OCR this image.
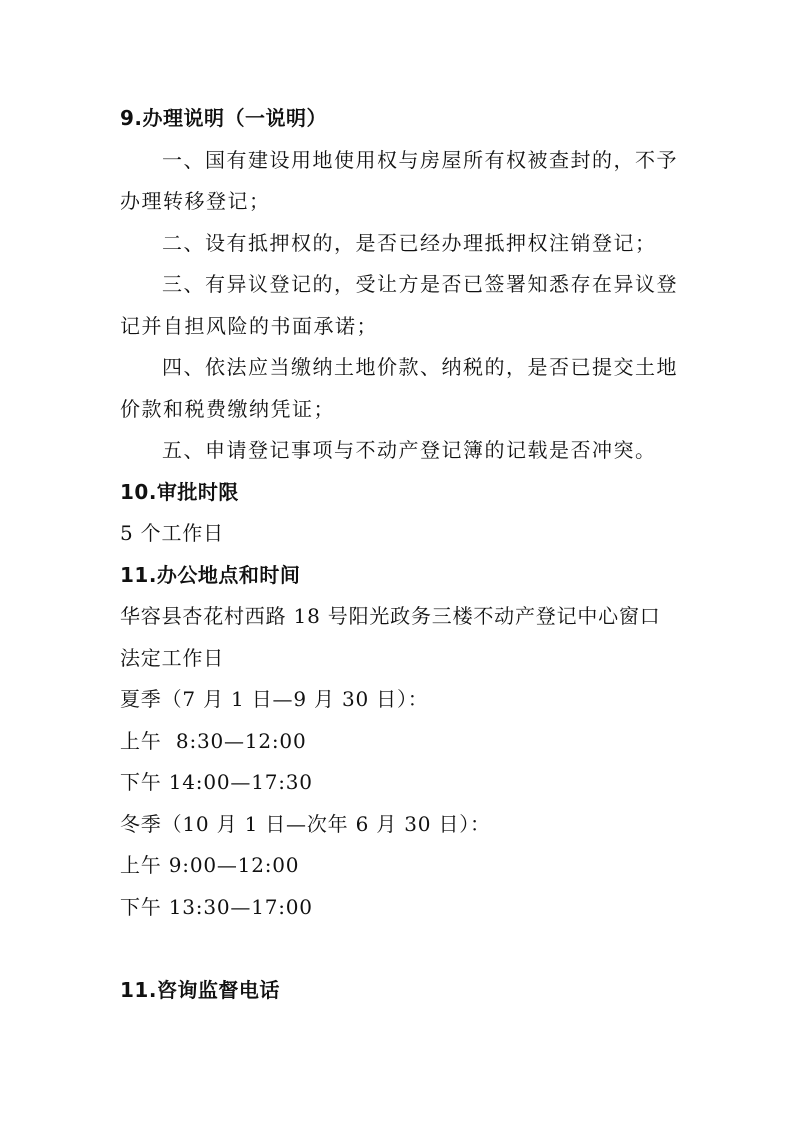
9.办理说明（一说明）
一、国有建设用地使用权与房屋所有权被查封的，不予
办理转移登记；
二、设有抵押权的，是否已经办理抵押权注销登记；
三、有异议登记的，受让方是否已签署知悉存在异议登
记并自担风险的书面承诺；
四、依法应当缴纳土地价款、纳税的，是否已提交土地
价款和税费缴纳凭证；
五、申请登记事项与不动产登记簿的记载是否冲突。
10.审批时限
5 个工作日
11.办公地点和时间
华容县杏花村西路 18 号阳光政务三楼不动产登记中心窗口
法定工作日
夏季（7 月 1 日—9 月 30 日）：
上午  8:30—12:00
下午 14:00—17:30
冬季（10 月 1 日—次年 6 月 30 日）：
上午 9:00—12:00
下午 13:30—17:00
11.咨询监督电话
